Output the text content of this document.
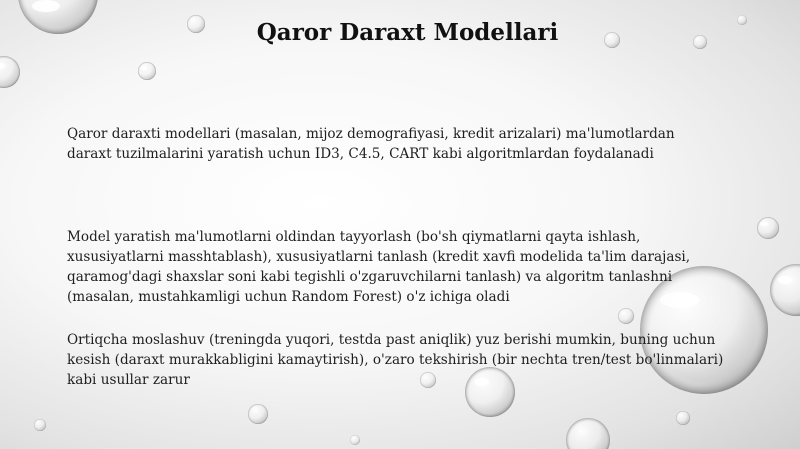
Qaror Daraxt Modellari
Qaror daraxti modellari (masalan, mijoz demografiyasi, kredit arizalari) ma'lumotlardan
daraxt tuzilmalarini yaratish uchun ID3, C4.5, CART kabi algoritmlardan foydalanadi
Model yaratish ma'lumotlarni oldindan tayyorlash (bo'sh qiymatlarni qayta ishlash,
xususiyatlarni masshtablash), xususiyatlarni tanlash (kredit xavfi modelida ta'lim darajasi,
qaramog'dagi shaxslar soni kabi tegishli o'zgaruvchilarni tanlash) va algoritm tanlashni
(masalan, mustahkamligi uchun Random Forest) o'z ichiga oladi
Ortiqcha moslashuv (treningda yuqori, testda past aniqlik) yuz berishi mumkin, buning uchun
kesish (daraxt murakkabligini kamaytirish), o'zaro tekshirish (bir nechta tren/test bo'linmalari)
kabi usullar zarur
